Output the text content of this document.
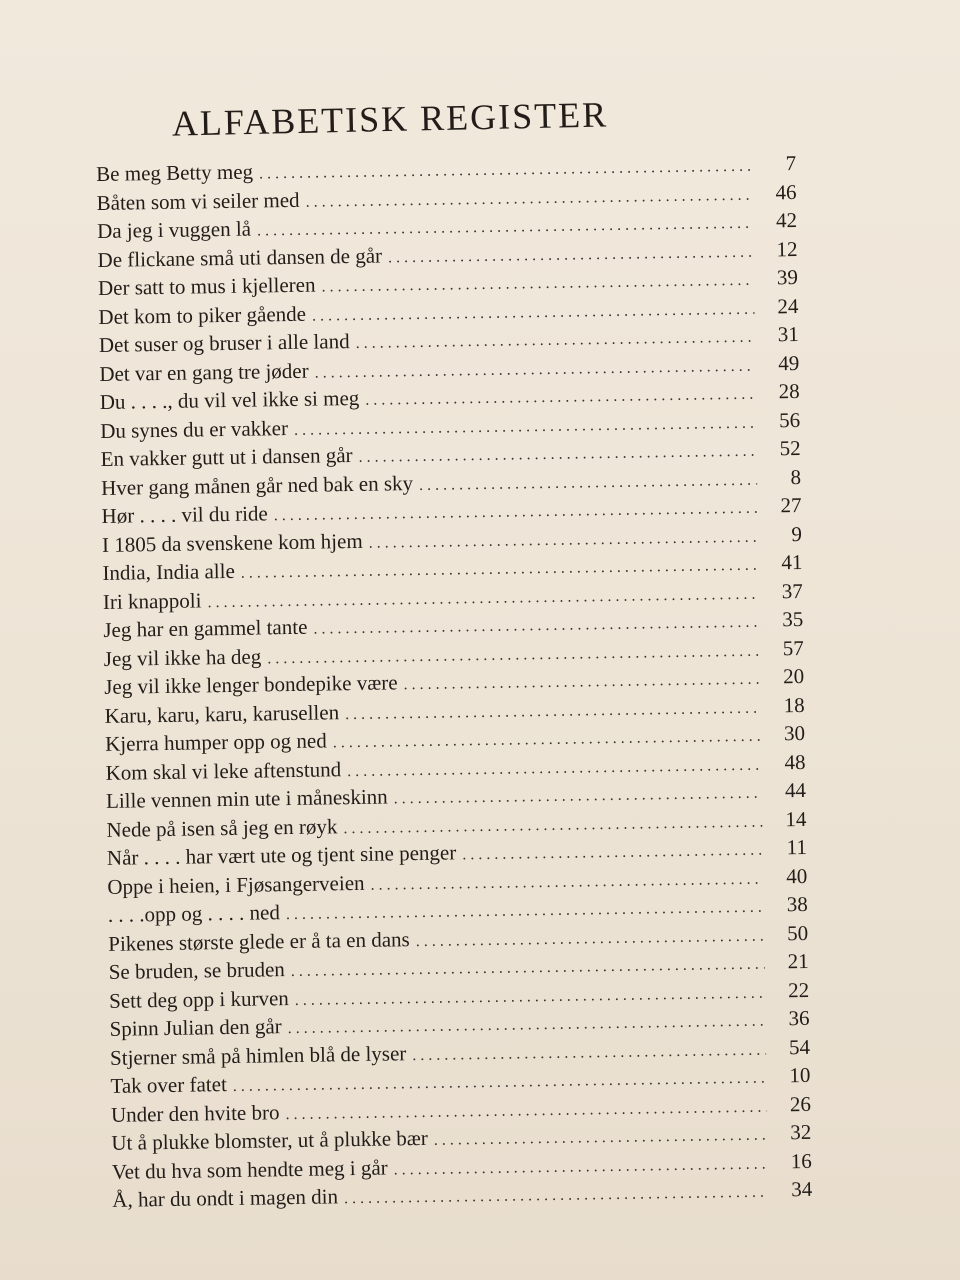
ALFABETISK REGISTER
Be meg Betty meg .....	7
Båten som vi seiler med .....	46
Da jeg i vuggen lå .....	42
De flickane små uti dansen de går .....	12
Der satt to mus i kjelleren .....	39
Det kom to piker gående .....	24
Det suser og bruser i alle land .....	31
Det var en gang tre jøder .....	49
Du . . . ., du vil vel ikke si meg .....	28
Du synes du er vakker .....	56
En vakker gutt ut i dansen går .....	52
Hver gang månen går ned bak en sky .....	8
Hør . . . . vil du ride .....	27
I 1805 da svenskene kom hjem .....	9
India, India alle .....	41
Iri knappoli .....	37
Jeg har en gammel tante .....	35
Jeg vil ikke ha deg .....	57
Jeg vil ikke lenger bondepike være .....	20
Karu, karu, karu, karusellen .....	18
Kjerra humper opp og ned .....	30
Kom skal vi leke aftenstund .....	48
Lille vennen min ute i måneskinn .....	44
Nede på isen så jeg en røyk .....	14
Når . . . . har vært ute og tjent sine penger .....	11
Oppe i heien, i Fjøsangerveien .....	40
. . . .opp og . . . . ned .....	38
Pikenes største glede er å ta en dans .....	50
Se bruden, se bruden .....	21
Sett deg opp i kurven .....	22
Spinn Julian den går .....	36
Stjerner små på himlen blå de lyser .....	54
Tak over fatet .....	10
Under den hvite bro .....	26
Ut å plukke blomster, ut å plukke bær .....	32
Vet du hva som hendte meg i går .....	16
Å, har du ondt i magen din .....	34
